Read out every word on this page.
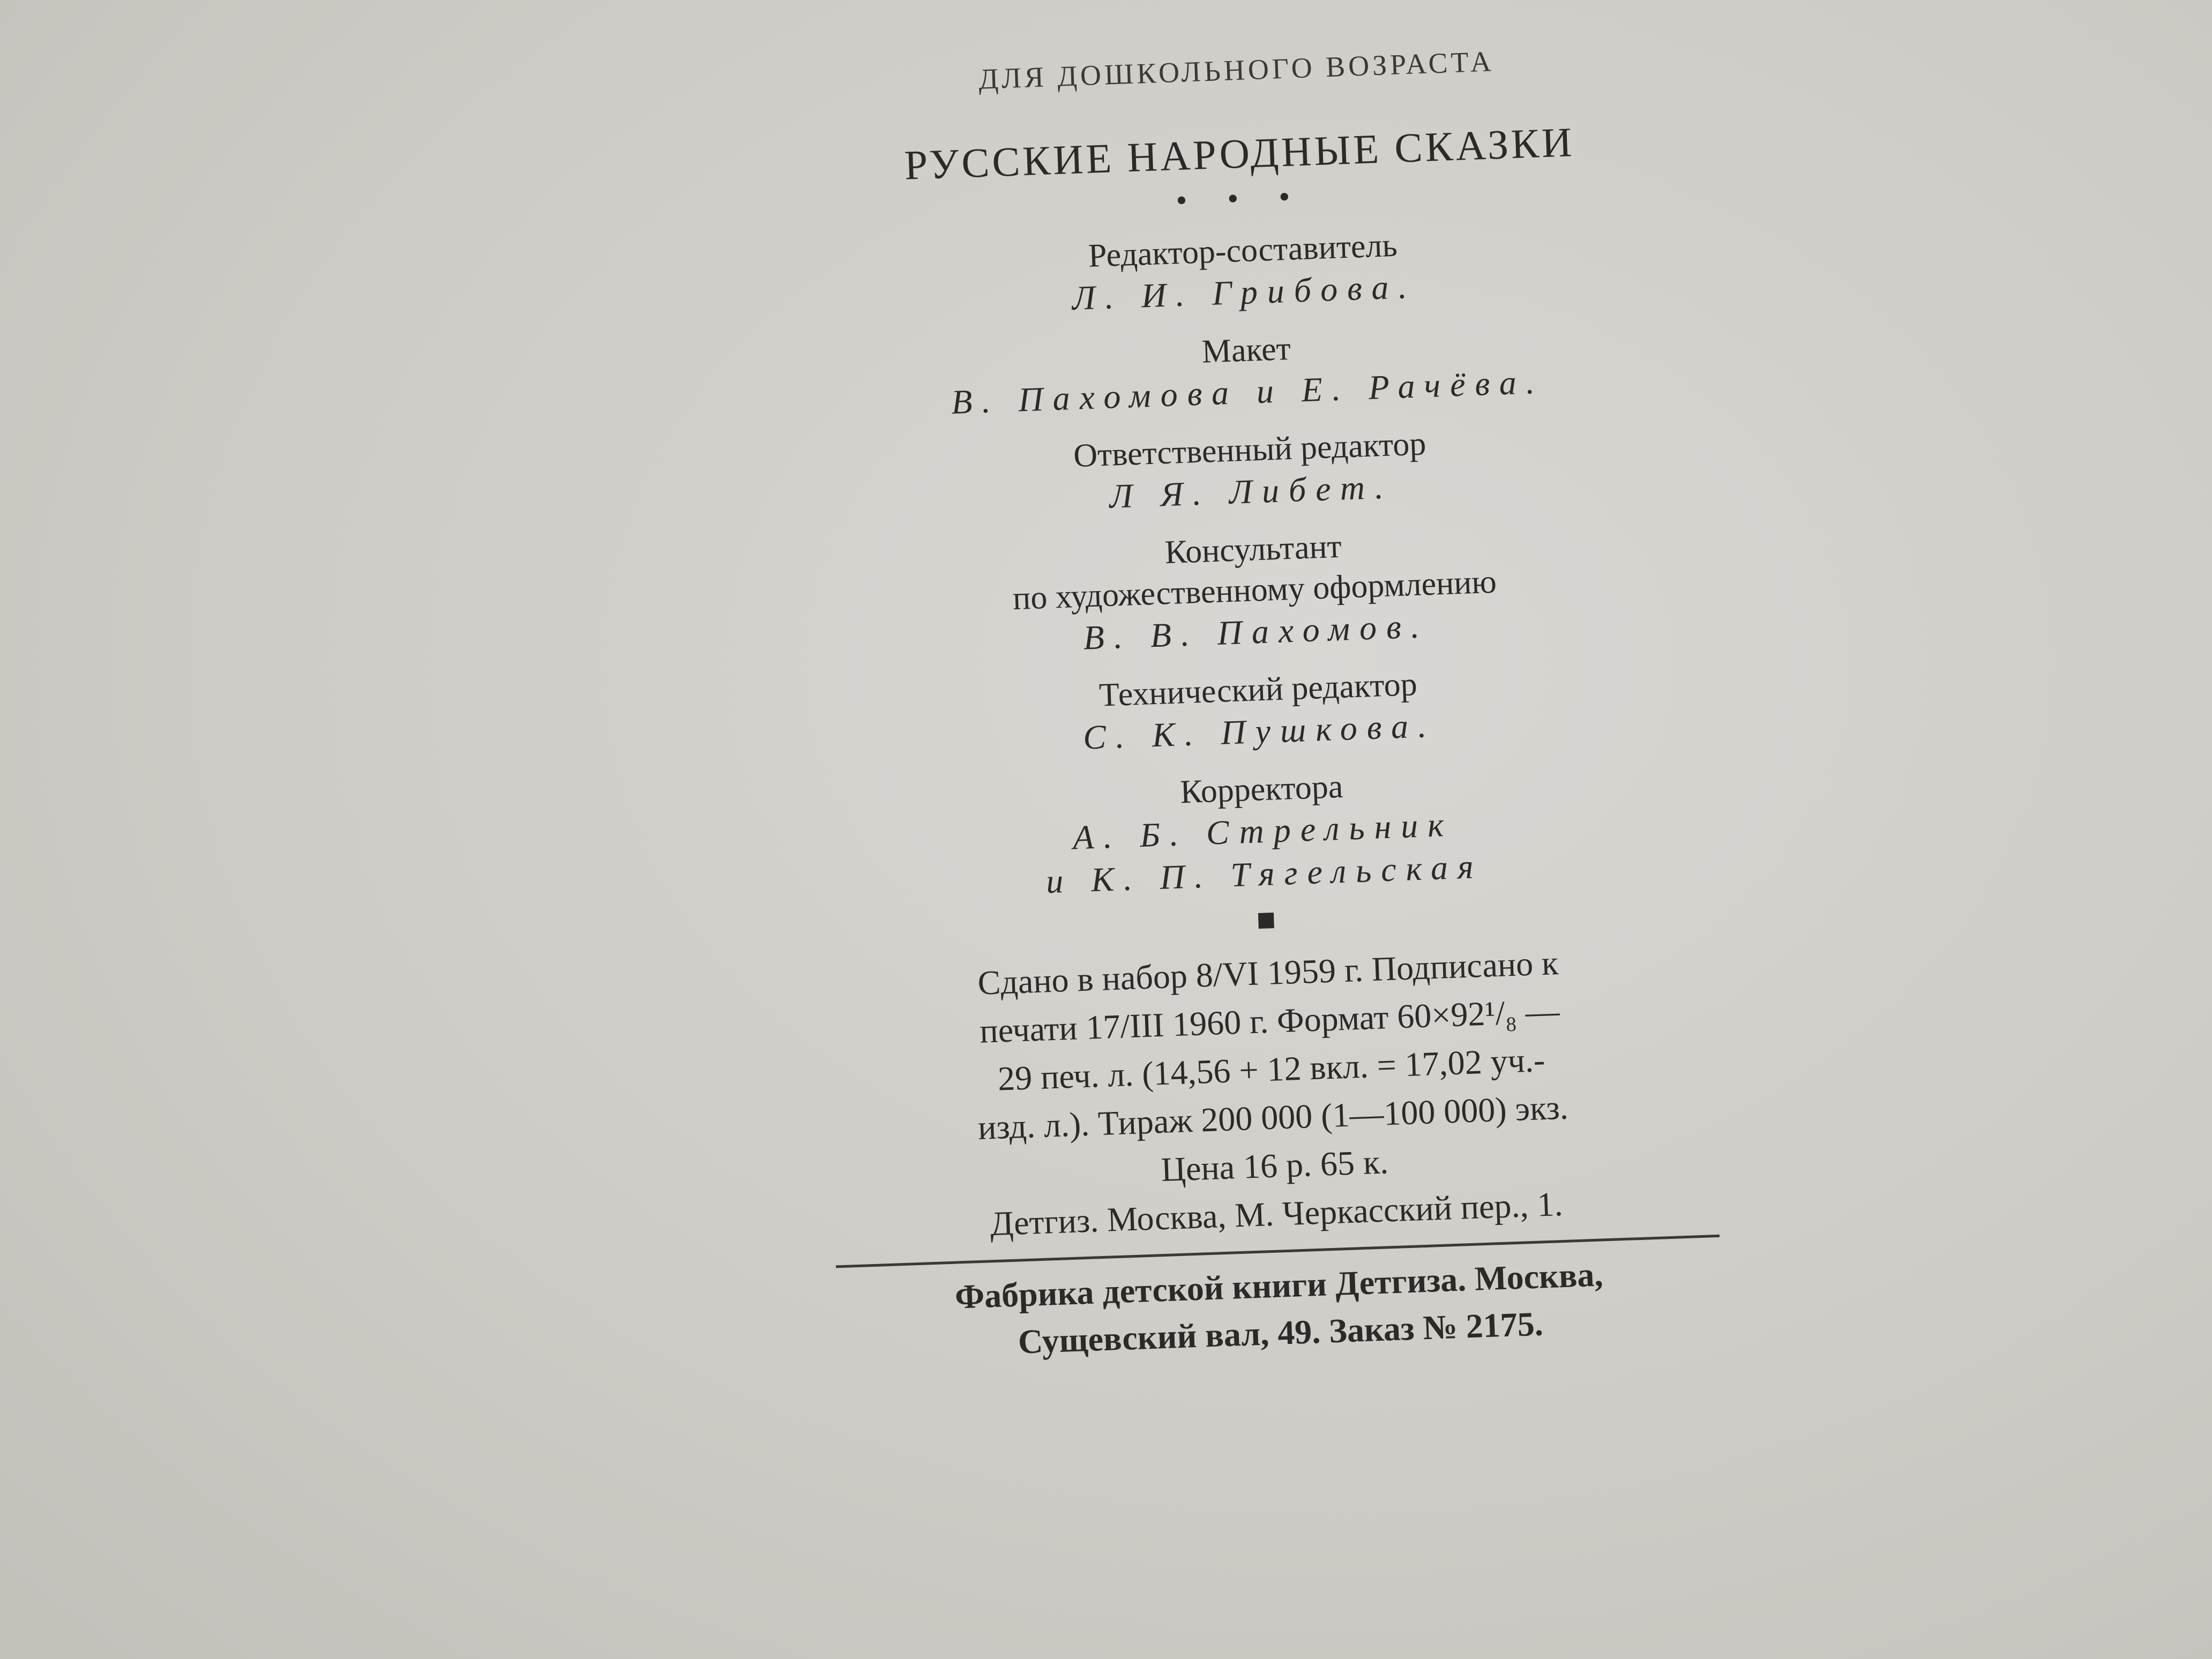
ДЛЯ ДОШКОЛЬНОГО ВОЗРАСТА
РУССКИЕ НАРОДНЫЕ СКАЗКИ
• • •
Редактор-составитель
Л. И. Грибова.
Макет
В. Пахомова и Е. Рачёва.
Ответственный редактор
Л Я. Либет.
Консультант
по художественному оформлению
В. В. Пахомов.
Технический редактор
С. К. Пушкова.
Корректора
А. Б. Стрельник
и К. П. Тягельская
■
Сдано в набор 8/VI 1959 г. Подписано к
печати 17/III 1960 г. Формат 60×92¹/₈ —
29 печ. л. (14,56 + 12 вкл. = 17,02 уч.-
изд. л.). Тираж 200 000 (1—100 000) экз.
Цена 16 р. 65 к.
Детгиз. Москва, М. Черкасский пер., 1.
Фабрика детской книги Детгиза. Москва,
Сущевский вал, 49. Заказ № 2175.
